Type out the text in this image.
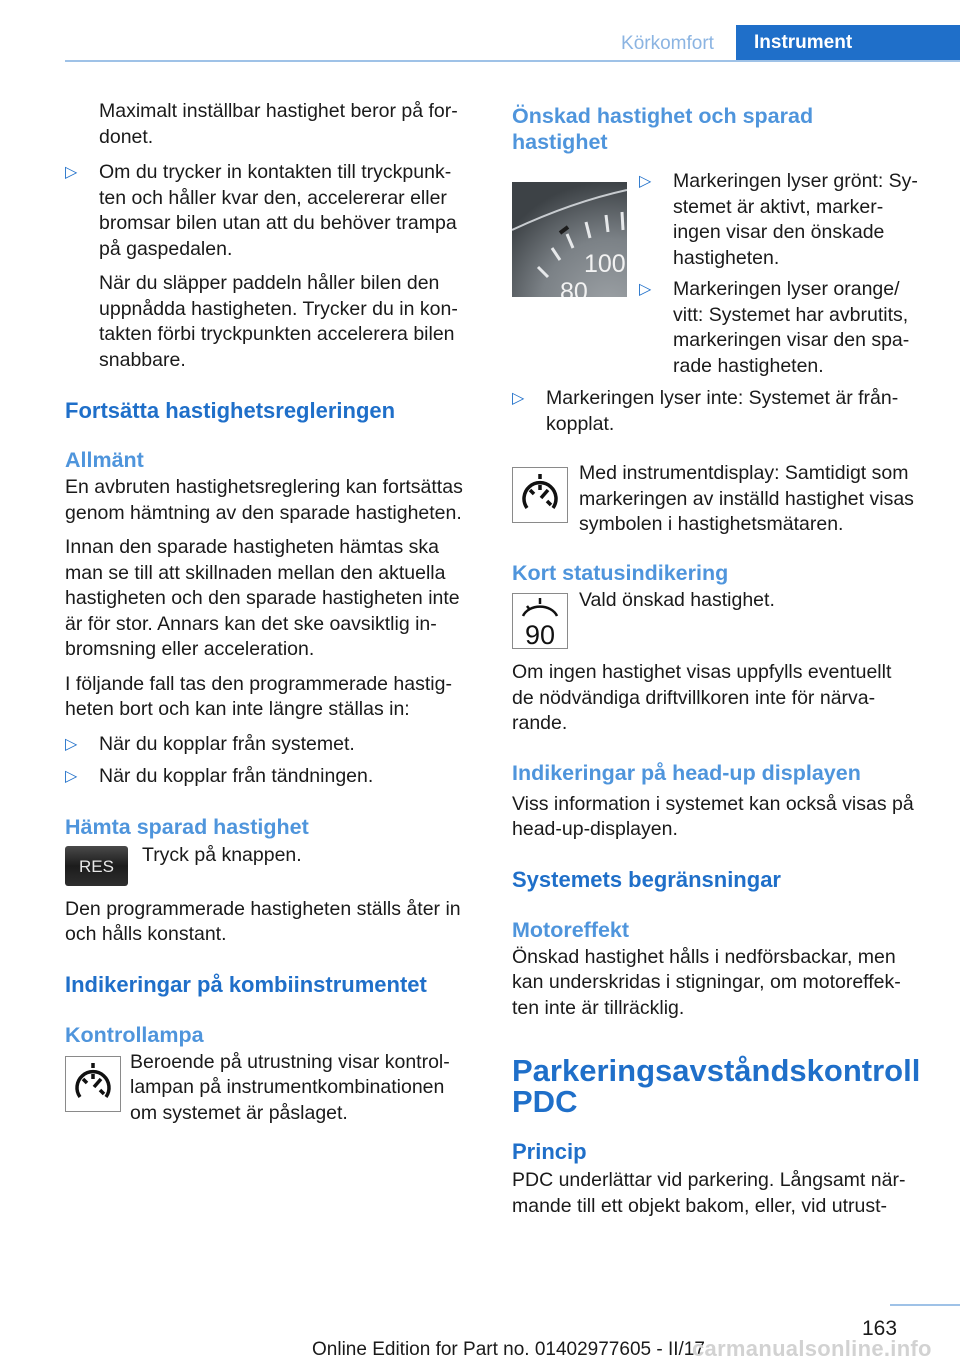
Körkomfort	Instrument

Maximalt inställbar hastighet beror på for-
donet.

▷ Om du trycker in kontakten till tryckpunk-
ten och håller kvar den, accelererar eller
bromsar bilen utan att du behöver trampa
på gaspedalen.

När du släpper paddeln håller bilen den
uppnådda hastigheten. Trycker du in kon-
takten förbi tryckpunkten accelerera bilen
snabbare.

Fortsätta hastighetsregleringen

Allmänt

En avbruten hastighetsreglering kan fortsättas
genom hämtning av den sparade hastigheten.

Innan den sparade hastigheten hämtas ska
man se till att skillnaden mellan den aktuella
hastigheten och den sparade hastigheten inte
är för stor. Annars kan det ske oavsiktlig in-
bromsning eller acceleration.

I följande fall tas den programmerade hastig-
heten bort och kan inte längre ställas in:

▷ När du kopplar från systemet.

▷ När du kopplar från tändningen.

Hämta sparad hastighet

RES

Tryck på knappen.

Den programmerade hastigheten ställs åter in
och hålls konstant.

Indikeringar på kombiinstrumentet

Kontrollampa

Beroende på utrustning visar kontrol-
lampan på instrumentkombinationen
om systemet är påslaget.

Önskad hastighet och sparad
hastighet

100
80
▷ Markeringen lyser grönt: Sy-
stemet är aktivt, marker-
ingen visar den önskade
hastigheten.

▷ Markeringen lyser orange/
vitt: Systemet har avbrutits,
markeringen visar den spa-
rade hastigheten.

▷ Markeringen lyser inte: Systemet är från-
kopplat.

Med instrumentdisplay: Samtidigt som
markeringen av inställd hastighet visas
symbolen i hastighetsmätaren.

Kort statusindikering

90

Vald önskad hastighet.

Om ingen hastighet visas uppfylls eventuellt
de nödvändiga driftvillkoren inte för närva-
rande.

Indikeringar på head-up displayen

Viss information i systemet kan också visas på
head-up-displayen.

Systemets begränsningar

Motoreffekt

Önskad hastighet hålls i nedförsbackar, men
kan underskridas i stigningar, om motoreffek-
ten inte är tillräcklig.

Parkeringsavståndskontroll
PDC

Princip

PDC underlättar vid parkering. Långsamt när-
mande till ett objekt bakom, eller, vid utrust-

163
Online Edition for Part no. 01402977605 - II/17
carmanualsonline.info
